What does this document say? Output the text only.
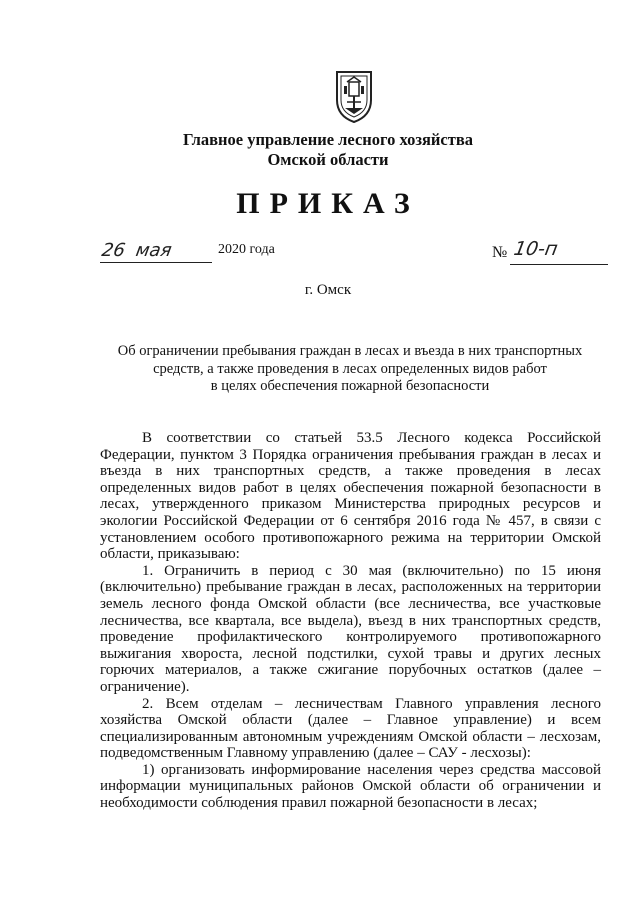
Главное управление лесного хозяйства
Омской области
ПРИКАЗ
26 мая	2020 года	№ 10-п
г. Омск
Об ограничении пребывания граждан в лесах и въезда в них транспортных
средств, а также проведения в лесах определенных видов работ
в целях обеспечения пожарной безопасности

В соответствии со статьей 53.5 Лесного кодекса Российской Федерации, пунктом 3 Порядка ограничения пребывания граждан в лесах и въезда в них транспортных средств, а также проведения в лесах определенных видов работ в целях обеспечения пожарной безопасности в лесах, утвержденного приказом Министерства природных ресурсов и экологии Российской Федерации от 6 сентября 2016 года № 457, в связи с установлением особого противопожарного режима на территории Омской области, приказываю:

1. Ограничить в период с 30 мая (включительно) по 15 июня (включительно) пребывание граждан в лесах, расположенных на территории земель лесного фонда Омской области (все лесничества, все участковые лесничества, все квартала, все выдела), въезд в них транспортных средств, проведение профилактического контролируемого противопожарного выжигания хвороста, лесной подстилки, сухой травы и других лесных горючих материалов, а также сжигание порубочных остатков (далее – ограничение).

2. Всем отделам – лесничествам Главного управления лесного хозяйства Омской области (далее – Главное управление) и всем специализированным автономным учреждениям Омской области – лесхозам, подведомственным Главному управлению (далее – САУ - лесхозы):

1) организовать информирование населения через средства массовой информации муниципальных районов Омской области об ограничении и необходимости соблюдения правил пожарной безопасности в лесах;
